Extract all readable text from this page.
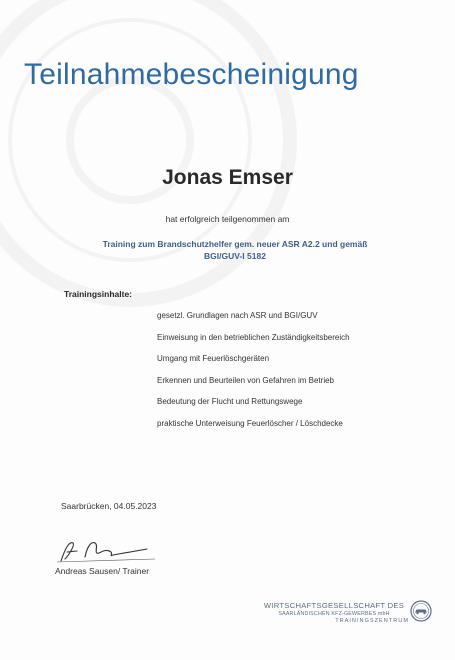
Teilnahmebescheinigung
Jonas Emser
hat erfolgreich teilgenommen am
Training zum Brandschutzhelfer gem. neuer ASR A2.2 und gemäß
BGI/GUV-I 5182
Trainingsinhalte:
gesetzl. Grundlagen nach ASR und BGI/GUV
Einweisung in den betrieblichen Zuständigkeitsbereich
Umgang mit Feuerlöschgeräten
Erkennen und Beurteilen von Gefahren im Betrieb
Bedeutung der Flucht und Rettungswege
praktische Unterweisung Feuerlöscher / Löschdecke
Saarbrücken, 04.05.2023
Andreas Sausen/ Trainer
WIRTSCHAFTSGESELLSCHAFT DES
SAARLÄNDISCHEN KFZ-GEWERBES mbH
TRAININGSZENTRUM
